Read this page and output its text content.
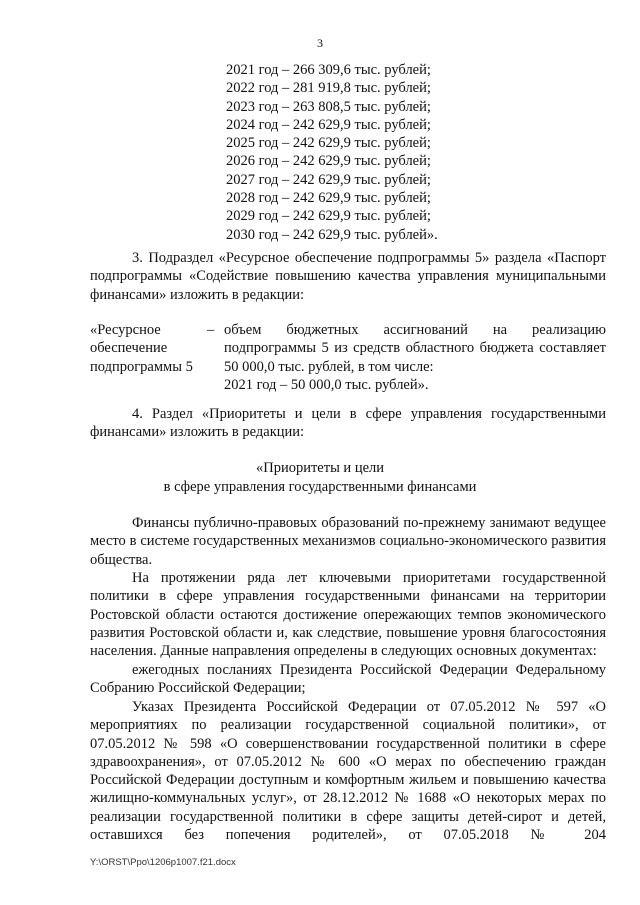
3
2021 год – 266 309,6 тыс. рублей;
2022 год – 281 919,8 тыс. рублей;
2023 год – 263 808,5 тыс. рублей;
2024 год – 242 629,9 тыс. рублей;
2025 год – 242 629,9 тыс. рублей;
2026 год – 242 629,9 тыс. рублей;
2027 год – 242 629,9 тыс. рублей;
2028 год – 242 629,9 тыс. рублей;
2029 год – 242 629,9 тыс. рублей;
2030 год – 242 629,9 тыс. рублей».
3. Подраздел «Ресурсное обеспечение подпрограммы 5» раздела «Паспорт подпрограммы «Содействие повышению качества управления муниципальными финансами» изложить в редакции:
«Ресурсное
обеспечение
подпрограммы 5
– объем бюджетных ассигнований на реализацию подпрограммы 5 из средств областного бюджета составляет
50 000,0 тыс. рублей, в том числе:
2021 год – 50 000,0 тыс. рублей».
4. Раздел «Приоритеты и цели в сфере управления государственными финансами» изложить в редакции:
«Приоритеты и цели
в сфере управления государственными финансами
Финансы публично-правовых образований по-прежнему занимают ведущее место в системе государственных механизмов социально-экономического развития общества.
На протяжении ряда лет ключевыми приоритетами государственной политики в сфере управления государственными финансами на территории Ростовской области остаются достижение опережающих темпов экономического развития Ростовской области и, как следствие, повышение уровня благосостояния населения. Данные направления определены в следующих основных документах:
ежегодных посланиях Президента Российской Федерации Федеральному Собранию Российской Федерации;
Указах Президента Российской Федерации от 07.05.2012 № 597 «О мероприятиях по реализации государственной социальной политики», от 07.05.2012 № 598 «О совершенствовании государственной политики в сфере здравоохранения», от 07.05.2012 № 600 «О мерах по обеспечению граждан Российской Федерации доступным и комфортным жильем и повышению качества жилищно-коммунальных услуг», от 28.12.2012 № 1688 «О некоторых мерах по реализации государственной политики в сфере защиты детей-сирот и детей, оставшихся без попечения родителей», от 07.05.2018 № 204
Y:\ORST\Ppo\1206p1007.f21.docx
